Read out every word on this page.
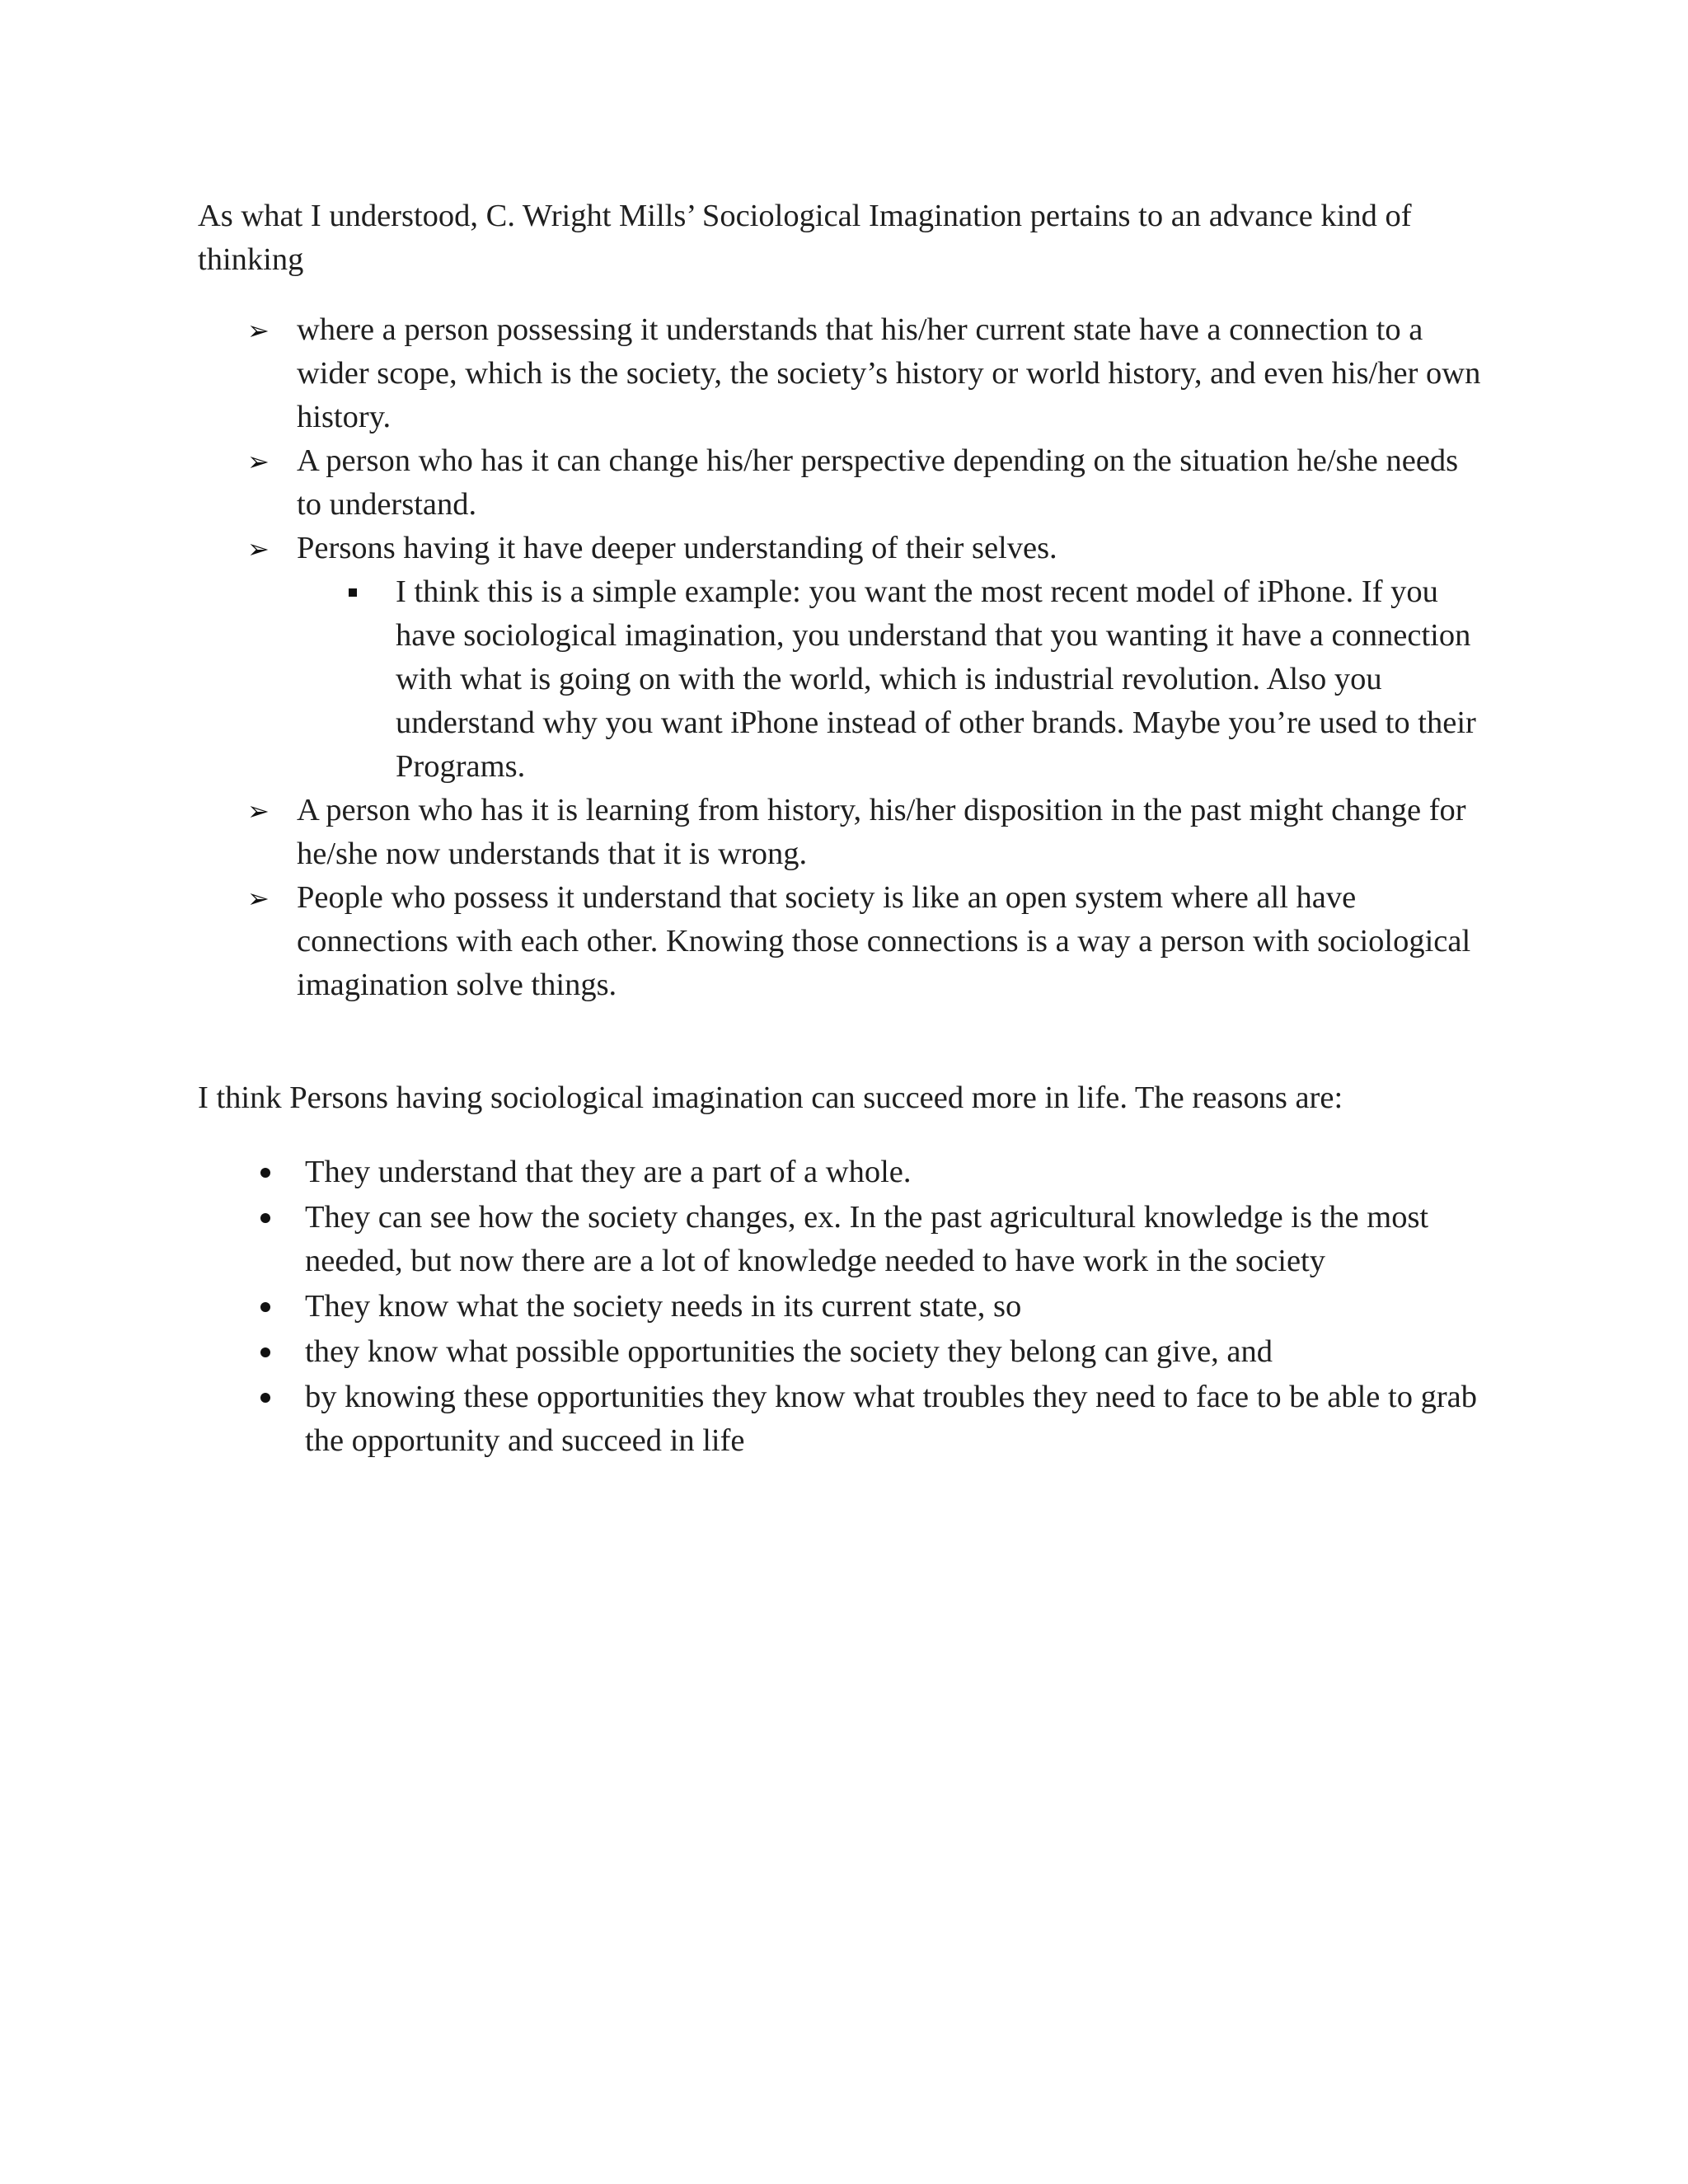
As what I understood, C. Wright Mills’ Sociological Imagination pertains to an advance kind of thinking

➢ where a person possessing it understands that his/her current state have a connection to a wider scope, which is the society, the society’s history or world history, and even his/her own history.
➢ A person who has it can change his/her perspective depending on the situation he/she needs to understand.
➢ Persons having it have deeper understanding of their selves.
I think this is a simple example: you want the most recent model of iPhone. If you have sociological imagination, you understand that you wanting it have a connection with what is going on with the world, which is industrial revolution. Also you understand why you want iPhone instead of other brands. Maybe you’re used to their Programs.
➢ A person who has it is learning from history, his/her disposition in the past might change for he/she now understands that it is wrong.
➢ People who possess it understand that society is like an open system where all have connections with each other. Knowing those connections is a way a person with sociological imagination solve things.

I think Persons having sociological imagination can succeed more in life. The reasons are:

They understand that they are a part of a whole.
They can see how the society changes, ex. In the past agricultural knowledge is the most needed, but now there are a lot of knowledge needed to have work in the society
They know what the society needs in its current state, so
they know what possible opportunities the society they belong can give, and
by knowing these opportunities they know what troubles they need to face to be able to grab the opportunity and succeed in life
